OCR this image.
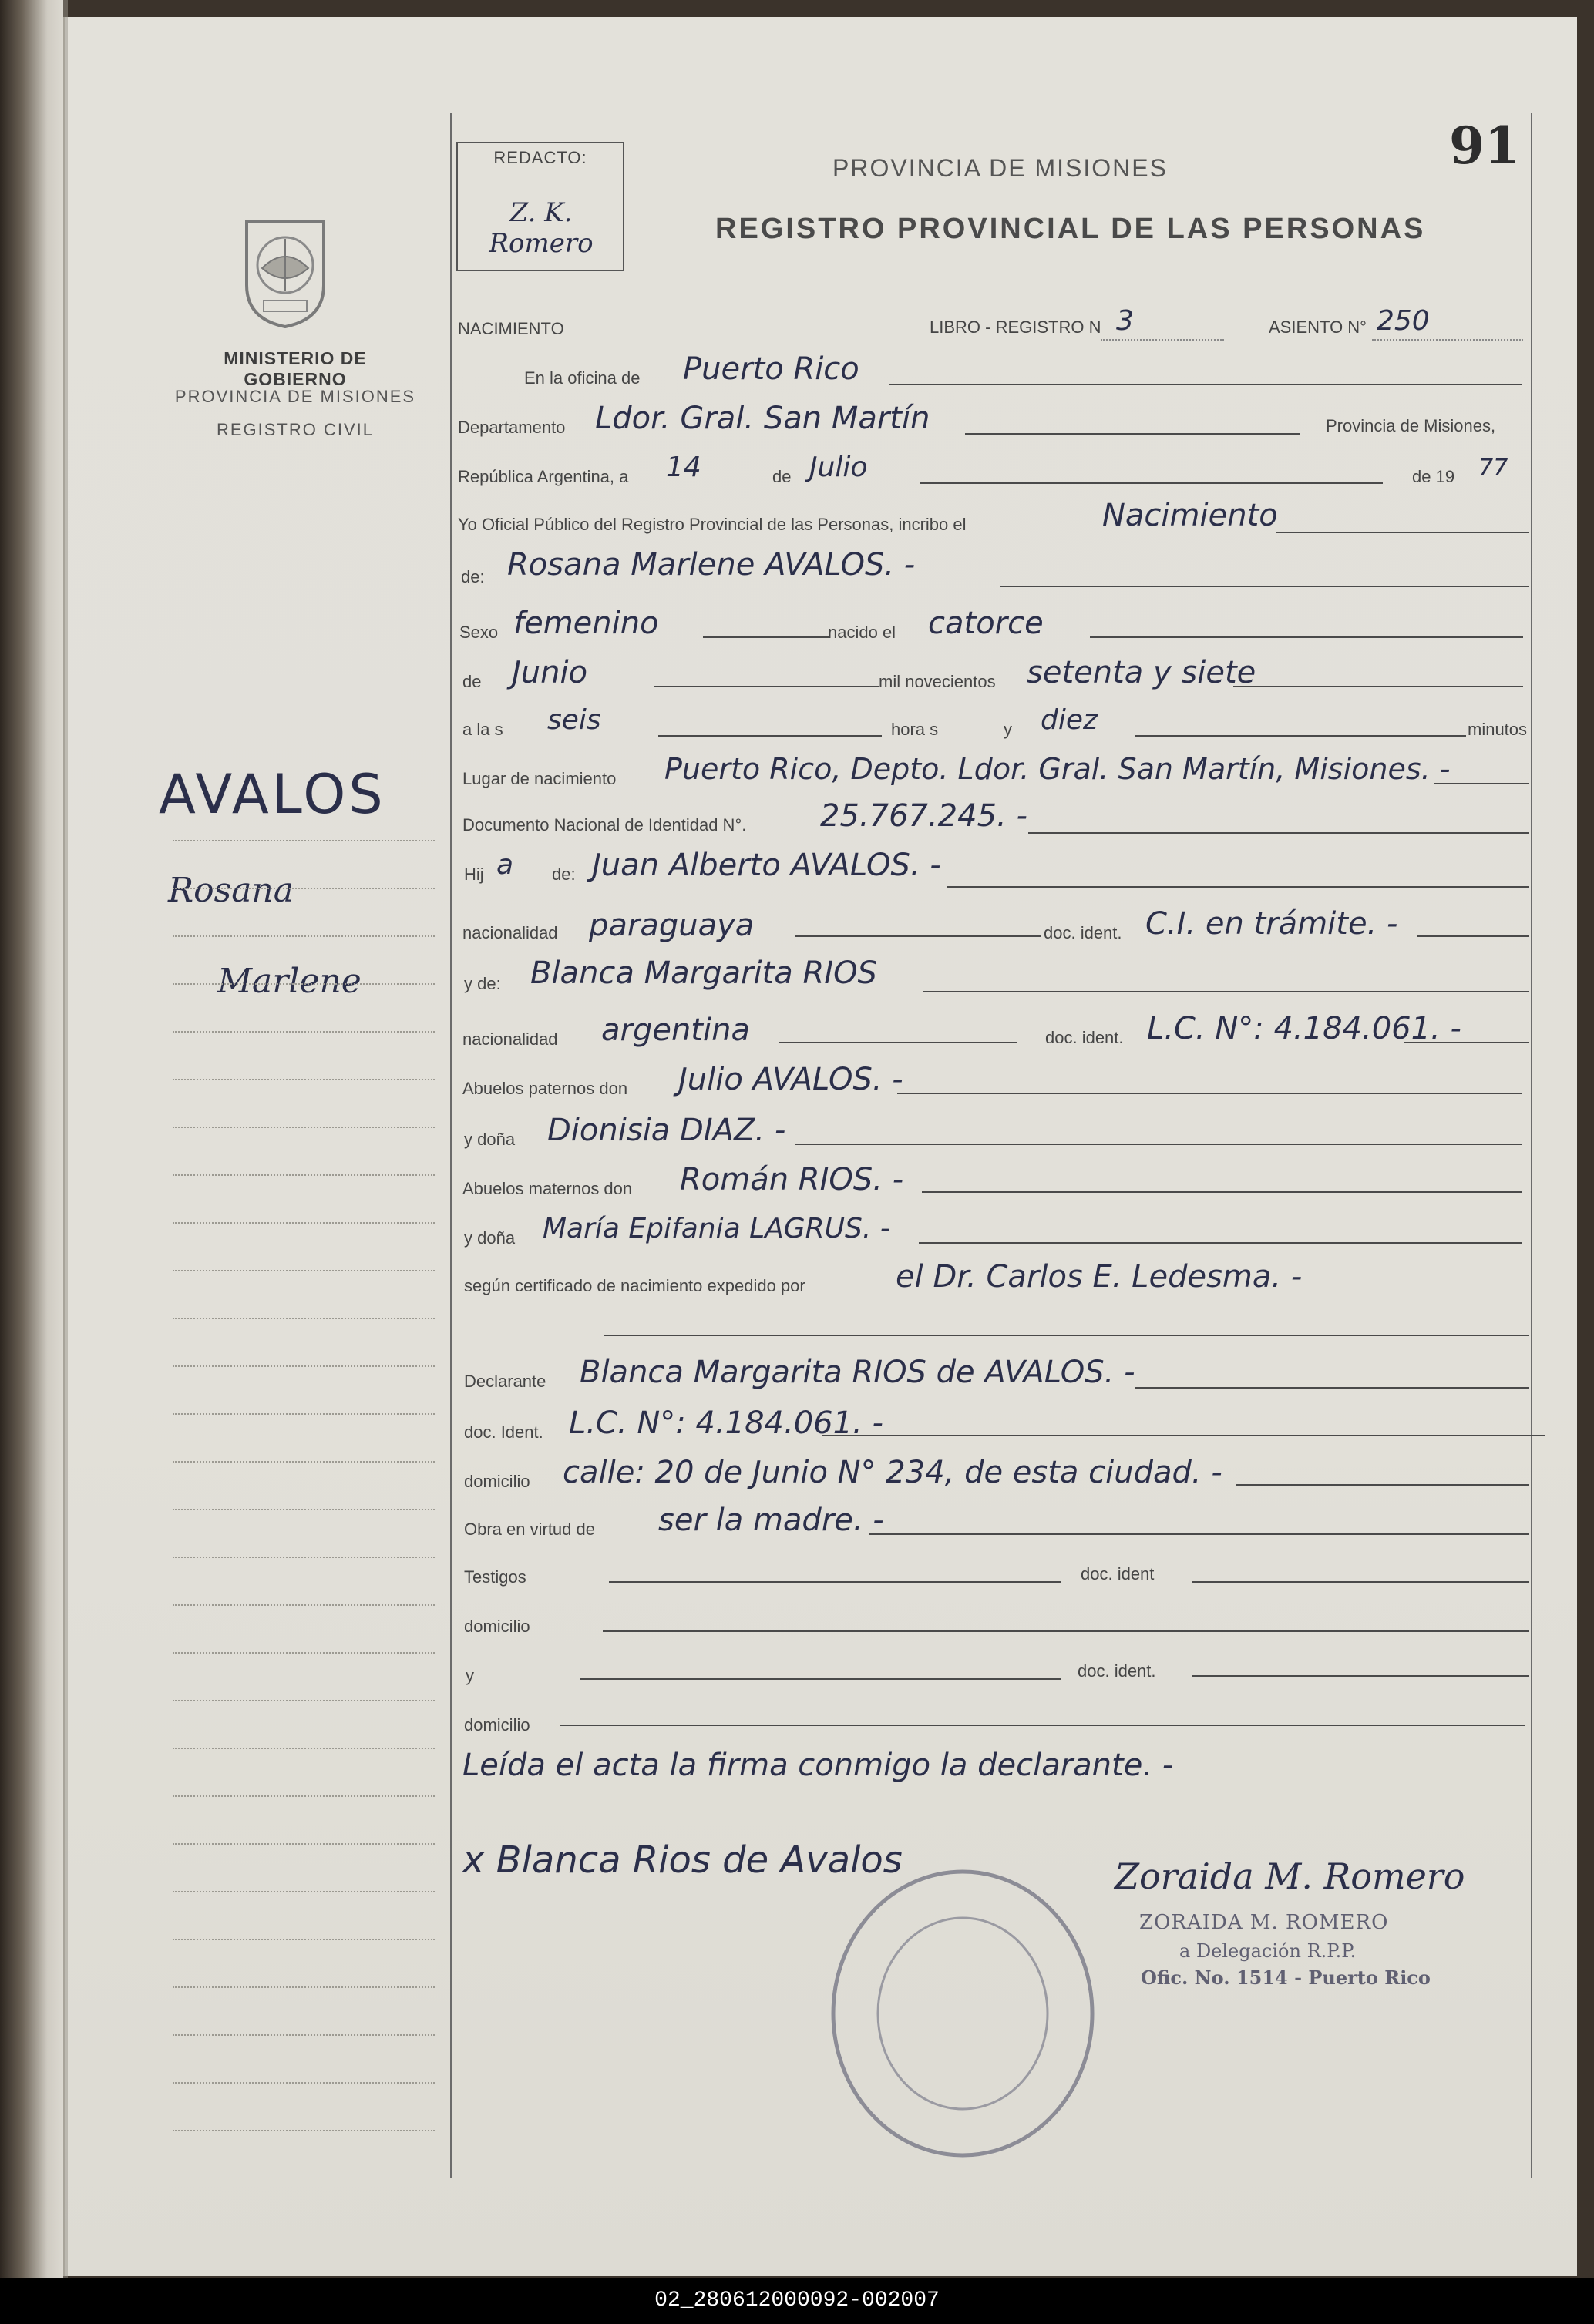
91
REDACTO:
Z. K. Romero
PROVINCIA DE MISIONES
REGISTRO PROVINCIAL DE LAS PERSONAS
MINISTERIO DE GOBIERNO
PROVINCIA DE MISIONES
REGISTRO CIVIL
AVALOS
Rosana
Marlene
NACIMIENTO	LIBRO - REGISTRO N 3	ASIENTO N° 250
En la oficina de Puerto Rico
Departamento Ldor. Gral. San Martín	Provincia de Misiones,
República Argentina, a 14	de Julio	de 19 77
Yo Oficial Público del Registro Provincial de las Personas, incribo el	Nacimiento
de: Rosana Marlene AVALOS. -
Sexo femenino	nacido el catorce
de Junio	mil novecientos setenta y siete
a la s seis	hora s	y diez	minutos
Lugar de nacimiento Puerto Rico, Depto. Ldor. Gral. San Martín, Misiones. -
Documento Nacional de Identidad N°. 25.767.245. -
Hij a de: Juan Alberto AVALOS. -
nacionalidad paraguaya	doc. ident. C.I. en trámite. -
y de: Blanca Margarita RIOS
nacionalidad argentina	doc. ident. L.C. N°: 4.184.061. -
Abuelos paternos don Julio AVALOS. -
y doña Dionisia DIAZ. -
Abuelos maternos don Román RIOS. -
y doña María Epifania LAGRUS. -
según certificado de nacimiento expedido por	el Dr. Carlos E. Ledesma. -
Declarante Blanca Margarita RIOS de AVALOS. -
doc. Ident. L.C. N°: 4.184.061. -
domicilio calle: 20 de Junio N° 234, de esta ciudad. -
Obra en virtud de ser la madre. -
Testigos	doc. ident
domicilio
y	doc. ident.
domicilio
Leída el acta la firma conmigo la declarante. -
x Blanca Rios de Avalos	Zoraida M. Romero
ZORAIDA M. ROMERO
a Delegación R.P.P.
Ofic. No. 1514 - Puerto Rico
02_280612000092-002007
